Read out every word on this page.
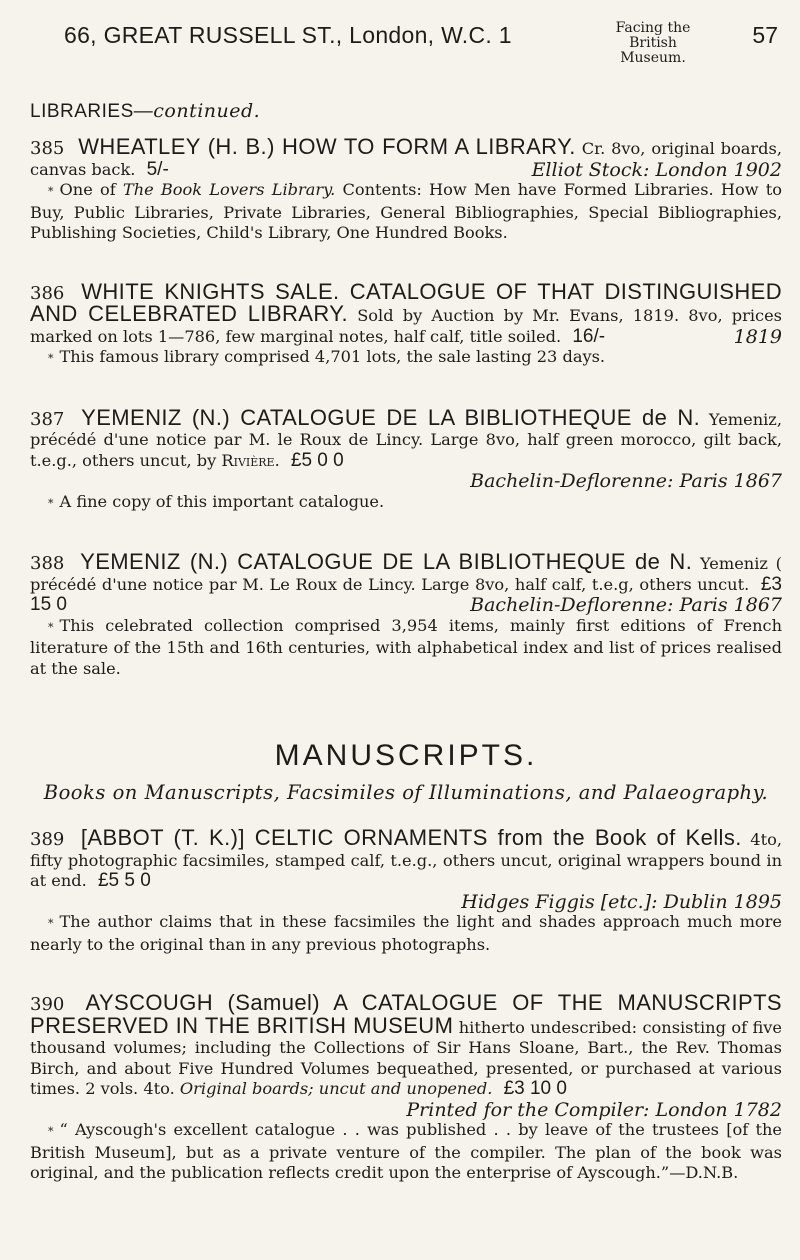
66, GREAT RUSSELL ST., London, W.C. 1	Facing the
British Museum.
57
LIBRARIES—continued.

385 WHEATLEY (H. B.) HOW TO FORM A LIBRARY. Cr. 8vo, original boards, canvas back. 5/-	Elliot Stock: London 1902

* One of The Book Lovers Library. Contents: How Men have Formed Libraries. How to Buy, Public Libraries, Private Libraries, General Bibliographies, Special Bibliographies, Publishing Societies, Child's Library, One Hundred Books.

386 WHITE KNIGHTS SALE. CATALOGUE OF THAT DISTINGUISHED AND CELEBRATED LIBRARY. Sold by Auction by Mr. Evans, 1819. 8vo, prices marked on lots 1—786, few marginal notes, half calf, title soiled. 16/-	1819

* This famous library comprised 4,701 lots, the sale lasting 23 days.

387 YEMENIZ (N.) CATALOGUE DE LA BIBLIOTHEQUE de N. Yemeniz, précédé d'une notice par M. le Roux de Lincy. Large 8vo, half green morocco, gilt back, t.e.g., others uncut, by Rivière. £5 0 0

Bachelin-Deflorenne: Paris 1867

* A fine copy of this important catalogue.

388 YEMENIZ (N.) CATALOGUE DE LA BIBLIOTHEQUE de N. Yemeniz ( précédé d'une notice par M. Le Roux de Lincy. Large 8vo, half calf, t.e.g, others uncut. £3 15 0	Bachelin-Deflorenne: Paris 1867

* This celebrated collection comprised 3,954 items, mainly first editions of French literature of the 15th and 16th centuries, with alphabetical index and list of prices realised at the sale.

MANUSCRIPTS.
Books on Manuscripts, Facsimiles of Illuminations, and Palaeography.

389 [ABBOT (T. K.)] CELTIC ORNAMENTS from the Book of Kells. 4to, fifty photographic facsimiles, stamped calf, t.e.g., others uncut, original wrappers bound in at end. £5 5 0

Hidges Figgis [etc.]: Dublin 1895

* The author claims that in these facsimiles the light and shades approach much more nearly to the original than in any previous photographs.

390 AYSCOUGH (Samuel) A CATALOGUE OF THE MANUSCRIPTS PRESERVED IN THE BRITISH MUSEUM hitherto undescribed: consisting of five thousand volumes; including the Collections of Sir Hans Sloane, Bart., the Rev. Thomas Birch, and about Five Hundred Volumes bequeathed, presented, or purchased at various times. 2 vols. 4to. Original boards; uncut and unopened. £3 10 0

Printed for the Compiler: London 1782

* “ Ayscough's excellent catalogue . . was published . . by leave of the trustees [of the British Museum], but as a private venture of the compiler. The plan of the book was original, and the publication reflects credit upon the enterprise of Ayscough.”—D.N.B.
